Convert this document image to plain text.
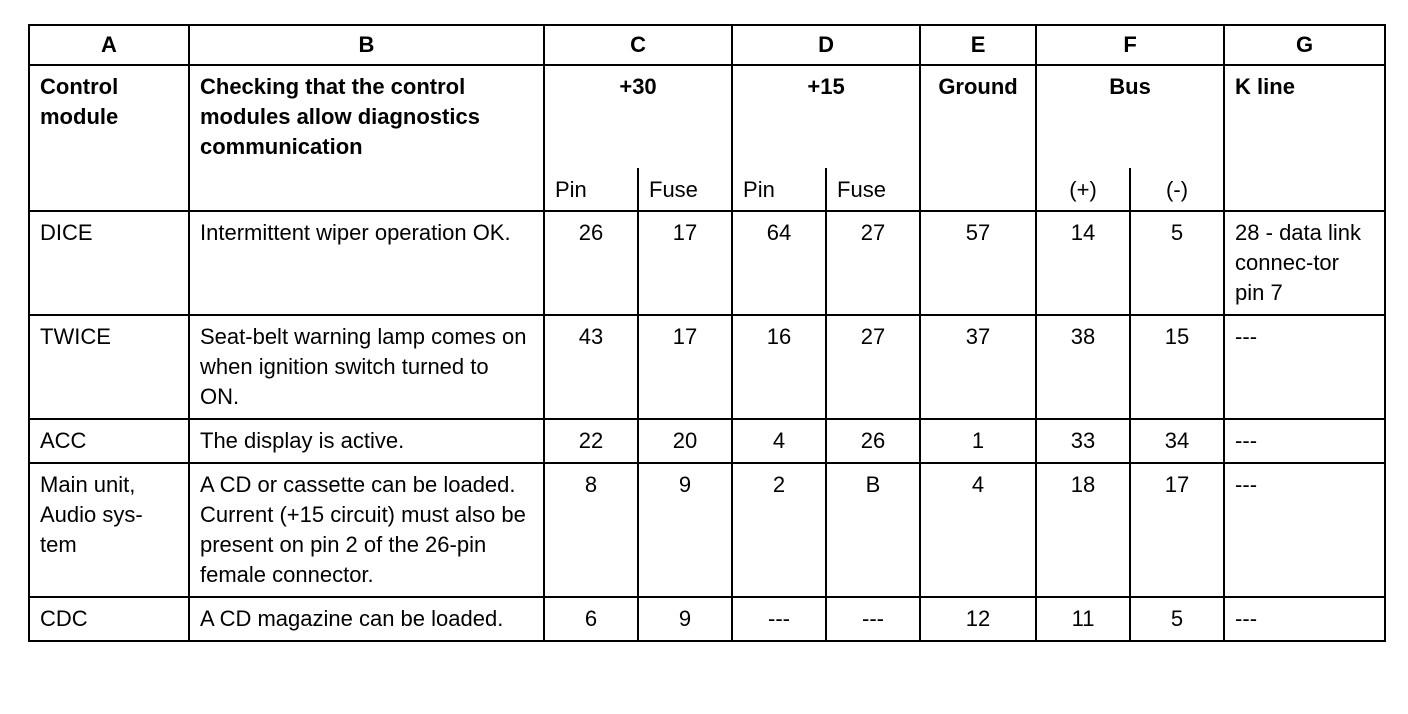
A	B	C		D		E	F		G
Control module	Checking that the control modules allow diagnostics communication	+30		+15		Ground	Bus		K line
		Pin	Fuse	Pin	Fuse		(+)	(-)	
DICE	Intermittent wiper operation OK.	26	17	64	27	57	14	5	28 - data link connec-tor pin 7
TWICE	Seat-belt warning lamp comes on when ignition switch turned to ON.	43	17	16	27	37	38	15	---
ACC	The display is active.	22	20	4	26	1	33	34	---
Main unit, Audio sys-tem	A CD or cassette can be loaded. Current (+15 circuit) must also be present on pin 2 of the 26-pin female connector.	8	9	2	B	4	18	17	---
CDC	A CD magazine can be loaded.	6	9	---	---	12	11	5	---
